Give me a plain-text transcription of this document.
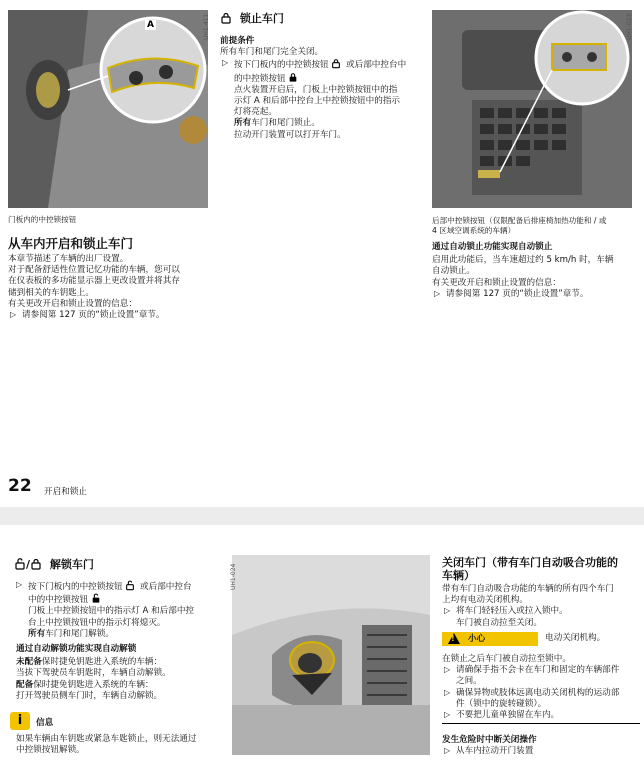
A	UH1-411
门板内的中控锁按钮
锁止车门

前提条件

所有车门和尾门完全关闭。

▷ 按下门板内的中控锁按钮 或后部中控台中

的中控锁按钮

点火装置开启后，门板上中控锁按钮中的指

示灯 A 和后部中控台上中控锁按钮中的指示

灯将亮起。

所有车门和尾门锁止。

拉动开门装置可以打开车门。

UH1-023
后部中控锁按钮（仅限配备后排座椅加热功能和 / 或
4 区域空调系统的车辆）
从车内开启和锁止车门

本章节描述了车辆的出厂设置。

对于配备舒适性位置记忆功能的车辆，您可以

在仪表板的多功能显示器上更改设置并将其存

储到相关的车钥匙上。

有关更改开启和锁止设置的信息：

▷ 请参阅第 127 页的“锁止设置”章节。

通过自动锁止功能实现自动锁止

启用此功能后，当车速超过约 5 km/h 时，车辆

自动锁止。

有关更改开启和锁止设置的信息：

▷ 请参阅第 127 页的“锁止设置”章节。

22 开启和锁止
/ 解锁车门
▷ 按下门板内的中控锁按钮 或后部中控台

中的中控锁按钮

门板上中控锁按钮中的指示灯 A 和后部中控

台上中控锁按钮中的指示灯将熄灭。

所有车门和尾门解锁。

通过自动解锁功能实现自动解锁

未配备保时捷免钥匙进入系统的车辆：

当拔下驾驶员车钥匙时，车辆自动解锁。

配备保时捷免钥匙进入系统的车辆：

打开驾驶员侧车门时，车辆自动解锁。

i	信息

如果车辆由车钥匙或紧急车匙锁止，则无法通过

中控锁按钮解锁。

UH1-024
关闭车门（带有车门自动吸合功能的
车辆）

带有车门自动吸合功能的车辆的所有四个车门

上均有电动关闭机构。

▷ 将车门轻轻压入或拉入锁中。

车门被自动拉至关闭。

! 小心	电动关闭机构。

在锁止之后车门被自动拉至锁中。

▷ 请确保手指不会卡在车门和固定的车辆部件

之间。

▷ 确保异物或肢体远离电动关闭机构的运动部

件（锁中的旋转碰锁）。

▷ 不要把儿童单独留在车内。

发生危险时中断关闭操作

▷ 从车内拉动开门装置
